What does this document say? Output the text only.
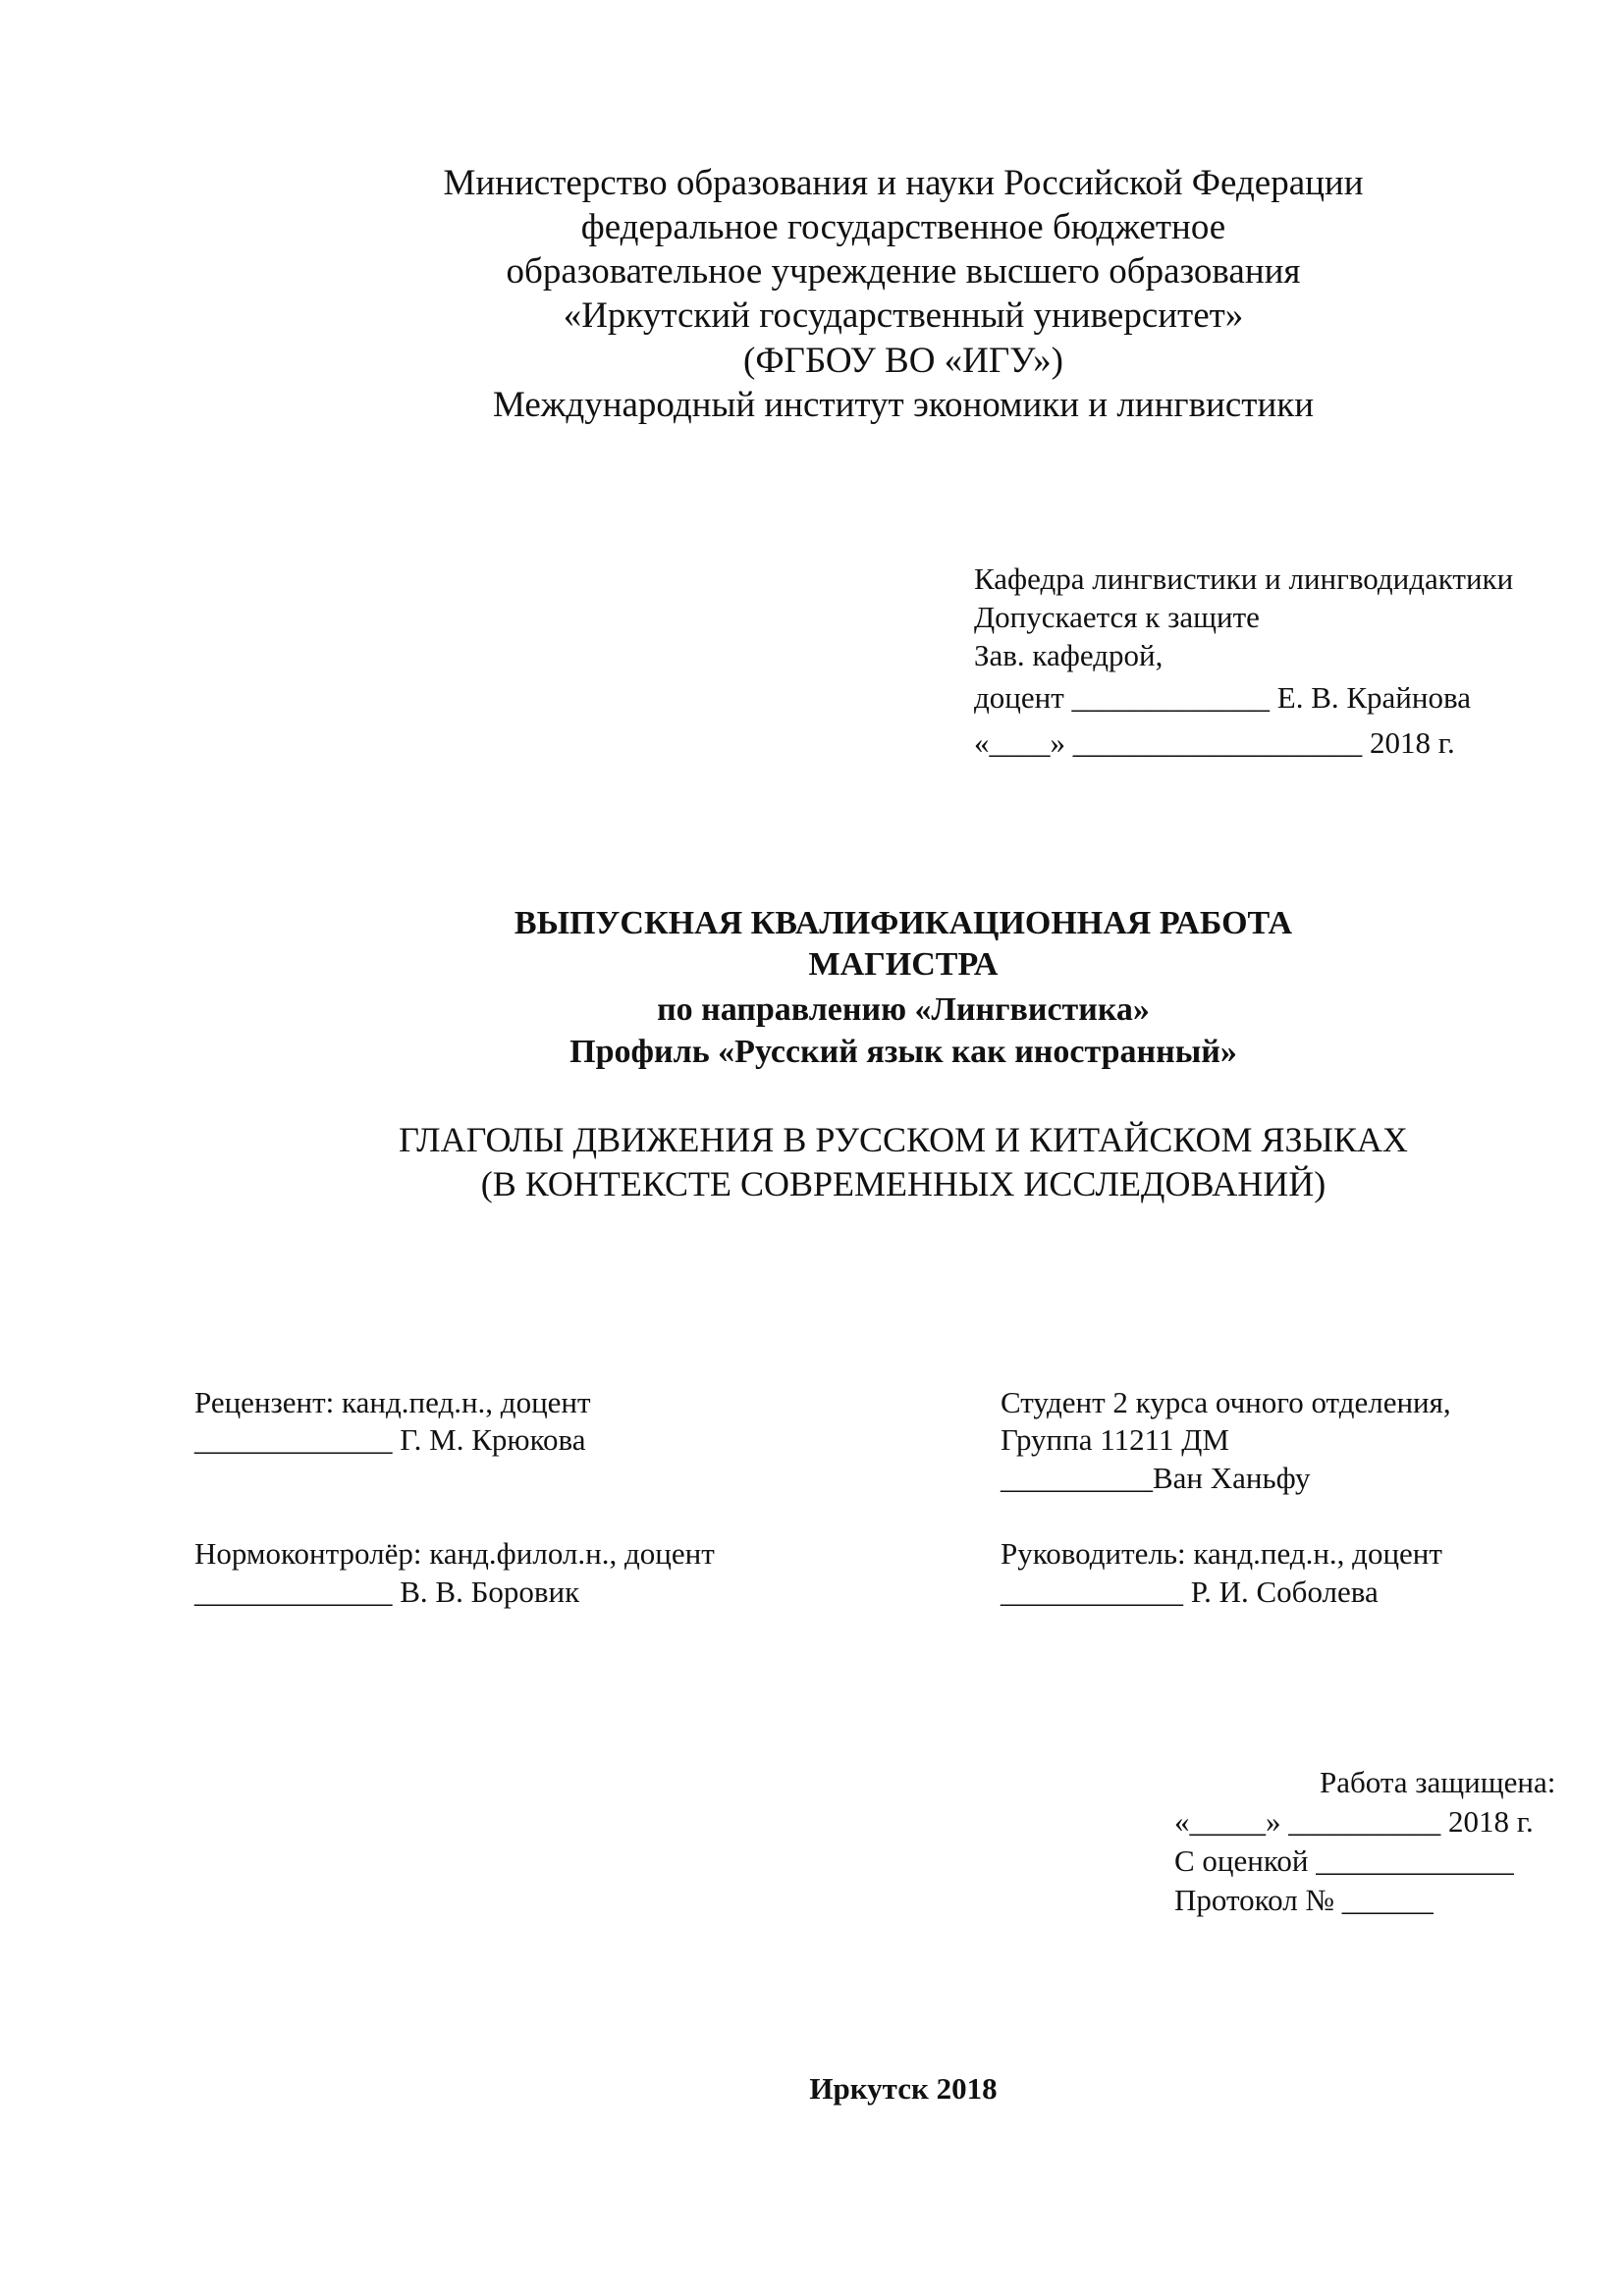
Министерство образования и науки Российской Федерации
федеральное государственное бюджетное
образовательное учреждение высшего образования
«Иркутский государственный университет»
(ФГБОУ ВО «ИГУ»)
Международный институт экономики и лингвистики
Кафедра лингвистики и лингводидактики
Допускается к защите
Зав. кафедрой,
доцент _____________ Е. В. Крайнова
«____» ___________________ 2018 г.
ВЫПУСКНАЯ КВАЛИФИКАЦИОННАЯ РАБОТА
МАГИСТРА
по направлению «Лингвистика»
Профиль «Русский язык как иностранный»
ГЛАГОЛЫ ДВИЖЕНИЯ В РУССКОМ И КИТАЙСКОМ ЯЗЫКАХ
(В КОНТЕКСТЕ СОВРЕМЕННЫХ ИССЛЕДОВАНИЙ)
Рецензент: канд.пед.н., доцент
_____________ Г. М. Крюкова
Нормоконтролёр: канд.филол.н., доцент
_____________ В. В. Боровик
Студент 2 курса очного отделения,
Группа 11211 ДМ
__________Ван Ханьфу
Руководитель: канд.пед.н., доцент
____________ Р. И. Соболева
Работа защищена:
«_____» __________ 2018 г.
С оценкой _____________
Протокол № ______
Иркутск 2018
